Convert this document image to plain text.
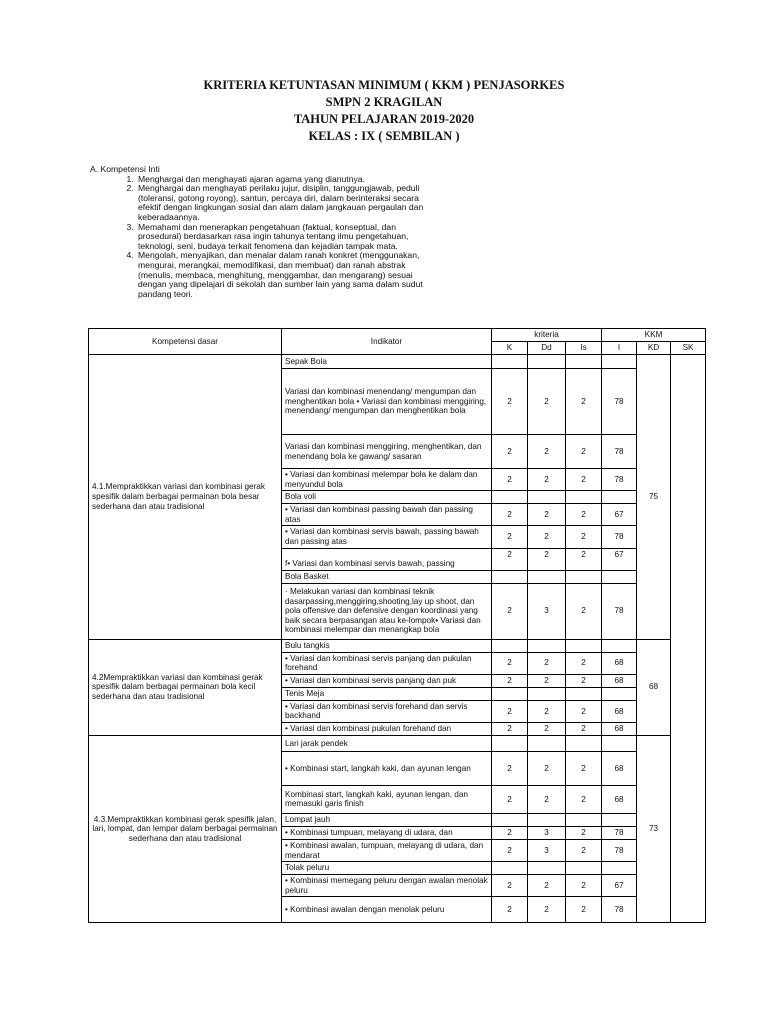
KRITERIA KETUNTASAN MINIMUM ( KKM ) PENJASORKES
SMPN 2 KRAGILAN
TAHUN PELAJARAN 2019-2020
KELAS : IX ( SEMBILAN )
A. Kompetensi Inti
1. Menghargai dan menghayati ajaran agama yang dianutnya.
2. Menghargai dan menghayati perilaku jujur, disiplin, tanggungjawab, peduli (toleransi, gotong royong), santun, percaya diri, dalam berinteraksi secara efektif dengan lingkungan sosial dan alam dalam jangkauan pergaulan dan keberadaannya.
3. Memahami dan menerapkan pengetahuan (faktual, konseptual, dan prosedural) berdasarkan rasa ingin tahunya tentang ilmu pengetahuan, teknologi, seni, budaya terkait fenomena dan kejadian tampak mata.
4. Mengolah, menyajikan, dan menalar dalam ranah konkret (menggunakan, mengurai, merangkai, memodifikasi, dan membuat) dan ranah abstrak (menulis, membaca, menghitung, menggambar, dan mengarang) sesuai dengan yang dipelajari di sekolah dan sumber lain yang sama dalam sudut pandang teori.
Kompetensi dasar	Indikator	kriteria			KKM		
		K	Dd	Is	I	KD	SK
4.1.Mempraktikkan variasi dan kombinasi gerak spesifik dalam berbagai permainan bola besar sederhana dan atau tradisional	Sepak Bola					75	
	Variasi dan kombinasi menendang/ mengumpan dan menghentikan bola • Variasi dan kombinasi menggiring, menendang/ mengumpan dan menghentikan bola	2	2	2	78		
	Variasi dan kombinasi menggiring, menghentikan, dan menendang bola ke gawang/ sasaran	2	2	2	78		
	• Variasi dan kombinasi melempar bola ke dalam dan menyundul bola	2	2	2	78		
	Bola voli						
	• Variasi dan kombinasi passing bawah dan passing atas	2	2	2	67		
	• Variasi dan kombinasi servis bawah, passing bawah dan passing atas	2	2	2	78		
	f• Variasi dan kombinasi servis bawah, passing	2	2	2	67		
	Bola Basket						
	· Melakukan variasi dan kombinasi teknik dasarpassing,menggiring,shooting,lay up shoot, dan pola offensive dan defensive dengan koordinasi yang baik secara berpasangan atau ke-lompok• Variasi dan kombinasi melempar dan menangkap bola	2	3	2	78		
4.2Mempraktikkan variasi dan kombinasi gerak spesifik dalam berbagai permainan bola kecil sederhana dan atau tradisional	Bulu tangkis					68	
	• Variasi dan kombinasi servis panjang dan pukulan forehand	2	2	2	68		
	• Variasi dan kombinasi servis panjang dan puk	2	2	2	68		
	Tenis Meja						
	• Variasi dan kombinasi servis forehand dan servis backhand	2	2	2	68		
	• Variasi dan kombinasi pukulan forehand dan	2	2	2	68		
4.3.Mempraktikkan kombinasi gerak spesifik jalan, lari, lompat, dan lempar dalam berbagai permainan sederhana dan atau tradisional	Lari jarak pendek					73	
	• Kombinasi start, langkah kaki, dan ayunan lengan	2	2	2	68		
	Kombinasi start, langkah kaki, ayunan lengan, dan memasuki garis finish	2	2	2	68		
	Lompat jauh						
	• Kombinasi tumpuan, melayang di udara, dan	2	3	2	78		
	• Kombinasi awalan, tumpuan, melayang di udara, dan mendarat	2	3	2	78		
	Tolak peluru						
	• Kombinasi memegang peluru dengan awalan menolak peluru	2	2	2	67		
	• Kombinasi awalan dengan menolak peluru	2	2	2	78		
